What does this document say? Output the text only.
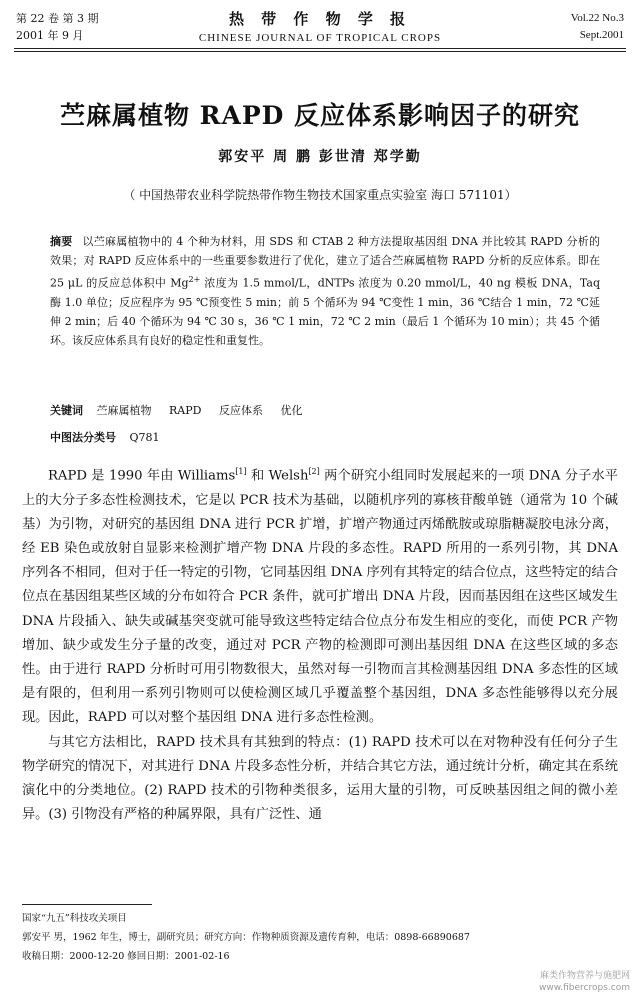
第 22 卷 第 3 期
2001 年 9 月
热 带 作 物 学 报
CHINESE JOURNAL OF TROPICAL CROPS
Vol.22 No.3
Sept.2001
苎麻属植物 RAPD 反应体系影响因子的研究
郭安平 周 鹏 彭世清 郑学勤
（ 中国热带农业科学院热带作物生物技术国家重点实验室 海口 571101）
摘要 以苎麻属植物中的 4 个种为材料，用 SDS 和 CTAB 2 种方法提取基因组 DNA 并比较其 RAPD 分析的效果；对 RAPD 反应体系中的一些重要参数进行了优化，建立了适合苎麻属植物 RAPD 分析的反应体系。即在 25 μL 的反应总体积中 $Mg^{2+}$ 浓度为 1.5 mmol/L，dNTPs 浓度为 0.20 mmol/L，40 ng 模板 DNA，Taq 酶 1.0 单位；反应程序为 95 ℃预变性 5 min；前 5 个循环为 94 ℃变性 1 min，36 ℃结合 1 min，72 ℃延伸 2 min；后 40 个循环为 94 ℃ 30 s，36 ℃ 1 min，72 ℃ 2 min（最后 1 个循环为 10 min）；共 45 个循环。该反应体系具有良好的稳定性和重复性。
关键词 苎麻属植物 RAPD 反应体系 优化
中图法分类号 Q781

RAPD 是 1990 年由 Williams[1] 和 Welsh[2] 两个研究小组同时发展起来的一项 DNA 分子水平上的大分子多态性检测技术，它是以 PCR 技术为基础，以随机序列的寡核苷酸单链（通常为 10 个碱基）为引物，对研究的基因组 DNA 进行 PCR 扩增，扩增产物通过丙烯酰胺或琼脂糖凝胶电泳分离，经 EB 染色或放射自显影来检测扩增产物 DNA 片段的多态性。RAPD 所用的一系列引物，其 DNA 序列各不相同，但对于任一特定的引物，它同基因组 DNA 序列有其特定的结合位点，这些特定的结合位点在基因组某些区域的分布如符合 PCR 条件，就可扩增出 DNA 片段，因而基因组在这些区域发生 DNA 片段插入、缺失或碱基突变就可能导致这些特定结合位点分布发生相应的变化，而使 PCR 产物增加、缺少或发生分子量的改变，通过对 PCR 产物的检测即可测出基因组 DNA 在这些区域的多态性。由于进行 RAPD 分析时可用引物数很大，虽然对每一引物而言其检测基因组 DNA 多态性的区域是有限的，但利用一系列引物则可以使检测区域几乎覆盖整个基因组，DNA 多态性能够得以充分展现。因此，RAPD 可以对整个基因组 DNA 进行多态性检测。

与其它方法相比，RAPD 技术具有其独到的特点：(1) RAPD 技术可以在对物种没有任何分子生物学研究的情况下，对其进行 DNA 片段多态性分析，并结合其它方法，通过统计分析，确定其在系统演化中的分类地位。(2) RAPD 技术的引物种类很多，运用大量的引物，可反映基因组之间的微小差异。(3) 引物没有严格的种属界限，具有广泛性、通

国家“九五”科技攻关项目
郭安平 男，1962 年生，博士，副研究员；研究方向：作物种质资源及遗传育种，电话：0898-66890687
收稿日期：2000-12-20 修回日期：2001-02-16
麻类作物营养与施肥网
www.fibercrops.com
